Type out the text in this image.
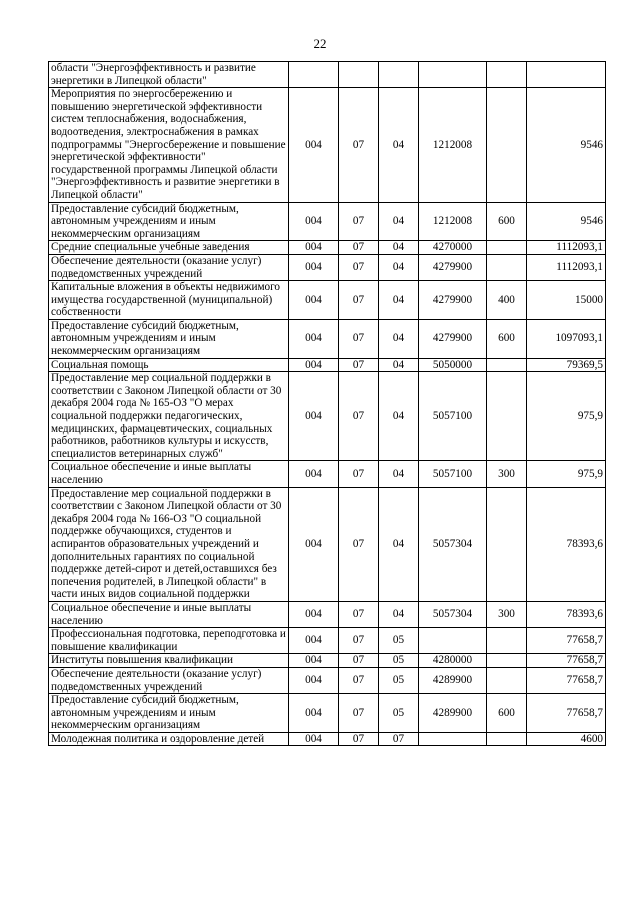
22
области "Энергоэффективность и развитие энергетики в Липецкой области"						
Мероприятия по энергосбережению и повышению энергетической эффективности систем теплоснабжения, водоснабжения, водоотведения, электроснабжения в рамках подпрограммы "Энергосбережение и повышение энергетической эффективности" государственной программы Липецкой области "Энергоэффективность и развитие энергетики в Липецкой области"	004	07	04	1212008		9546
Предоставление субсидий бюджетным, автономным учреждениям и иным некоммерческим организациям	004	07	04	1212008	600	9546
Средние специальные учебные заведения	004	07	04	4270000		1112093,1
Обеспечение деятельности (оказание услуг) подведомственных учреждений	004	07	04	4279900		1112093,1
Капитальные вложения в объекты недвижимого имущества государственной (муниципальной) собственности	004	07	04	4279900	400	15000
Предоставление субсидий бюджетным, автономным учреждениям и иным некоммерческим организациям	004	07	04	4279900	600	1097093,1
Социальная помощь	004	07	04	5050000		79369,5
Предоставление мер социальной поддержки в соответствии с Законом Липецкой области от 30 декабря 2004 года № 165-ОЗ "О мерах социальной поддержки педагогических, медицинских, фармацевтических, социальных работников, работников культуры и искусств, специалистов ветеринарных служб"	004	07	04	5057100		975,9
Социальное обеспечение и иные выплаты населению	004	07	04	5057100	300	975,9
Предоставление мер социальной поддержки в соответствии с Законом Липецкой области от 30 декабря 2004 года № 166-ОЗ "О социальной поддержке обучающихся, студентов и аспирантов образовательных учреждений и дополнительных гарантиях по социальной поддержке детей-сирот и детей,оставшихся без попечения родителей, в Липецкой области" в части иных видов социальной поддержки	004	07	04	5057304		78393,6
Социальное обеспечение и иные выплаты населению	004	07	04	5057304	300	78393,6
Профессиональная подготовка, переподготовка и повышение квалификации	004	07	05			77658,7
Институты повышения квалификации	004	07	05	4280000		77658,7
Обеспечение деятельности (оказание услуг) подведомственных учреждений	004	07	05	4289900		77658,7
Предоставление субсидий бюджетным, автономным учреждениям и иным некоммерческим организациям	004	07	05	4289900	600	77658,7
Молодежная политика и оздоровление детей	004	07	07			4600
